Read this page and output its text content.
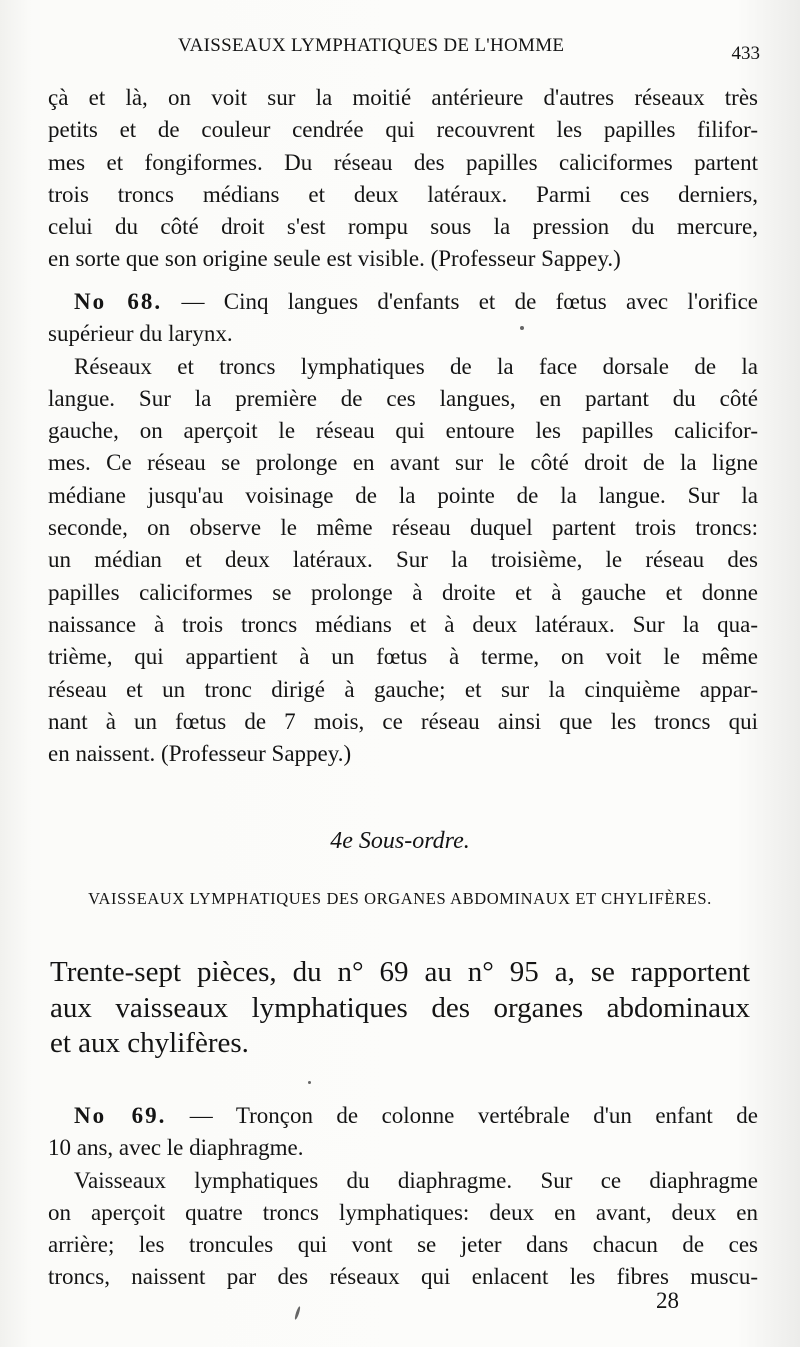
VAISSEAUX LYMPHATIQUES DE L'HOMME	433
çà et là, on voit sur la moitié antérieure d'autres réseaux très
petits et de couleur cendrée qui recouvrent les papilles filifor-
mes et fongiformes. Du réseau des papilles caliciformes partent
trois troncs médians et deux latéraux. Parmi ces derniers,
celui du côté droit s'est rompu sous la pression du mercure,
en sorte que son origine seule est visible. (Professeur Sappey.)
No 68. — Cinq langues d'enfants et de fœtus avec l'orifice
supérieur du larynx.
Réseaux et troncs lymphatiques de la face dorsale de la
langue. Sur la première de ces langues, en partant du côté
gauche, on aperçoit le réseau qui entoure les papilles calicifor-
mes. Ce réseau se prolonge en avant sur le côté droit de la ligne
médiane jusqu'au voisinage de la pointe de la langue. Sur la
seconde, on observe le même réseau duquel partent trois troncs:
un médian et deux latéraux. Sur la troisième, le réseau des
papilles caliciformes se prolonge à droite et à gauche et donne
naissance à trois troncs médians et à deux latéraux. Sur la qua-
trième, qui appartient à un fœtus à terme, on voit le même
réseau et un tronc dirigé à gauche; et sur la cinquième appar-
nant à un fœtus de 7 mois, ce réseau ainsi que les troncs qui
en naissent. (Professeur Sappey.)
4e Sous-ordre.
VAISSEAUX LYMPHATIQUES DES ORGANES ABDOMINAUX ET CHYLIFÈRES.
Trente-sept pièces, du n° 69 au n° 95 a, se rapportent
aux vaisseaux lymphatiques des organes abdominaux
et aux chylifères.
No 69. — Tronçon de colonne vertébrale d'un enfant de
10 ans, avec le diaphragme.
Vaisseaux lymphatiques du diaphragme. Sur ce diaphragme
on aperçoit quatre troncs lymphatiques: deux en avant, deux en
arrière; les troncules qui vont se jeter dans chacun de ces
troncs, naissent par des réseaux qui enlacent les fibres muscu-
28
